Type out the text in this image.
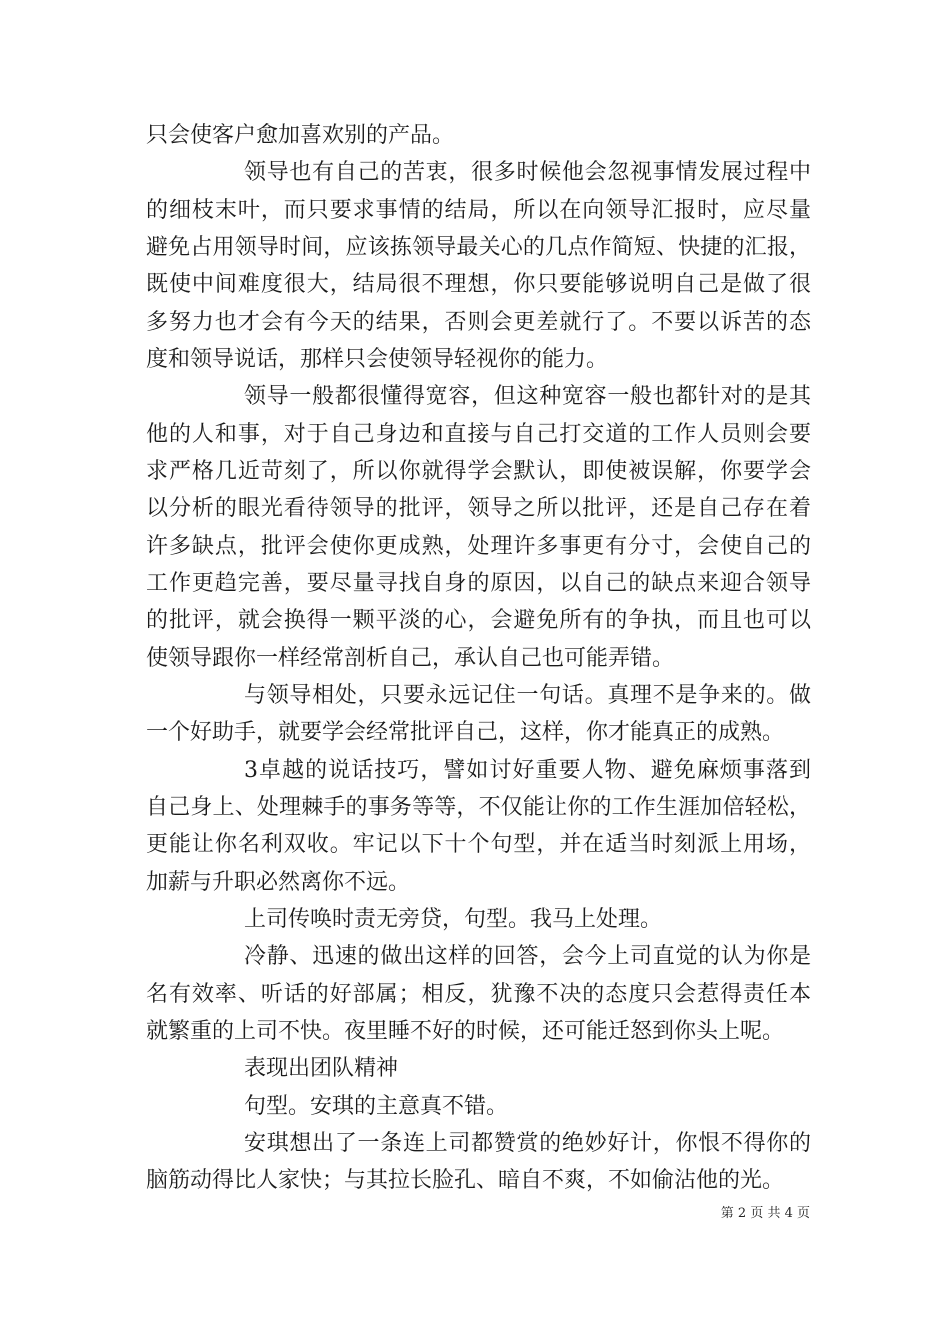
只会使客户愈加喜欢别的产品。
领导也有自己的苦衷，很多时候他会忽视事情发展过程中
的细枝末叶，而只要求事情的结局，所以在向领导汇报时，应尽量
避免占用领导时间，应该拣领导最关心的几点作简短、快捷的汇报，
既使中间难度很大，结局很不理想，你只要能够说明自己是做了很
多努力也才会有今天的结果，否则会更差就行了。不要以诉苦的态
度和领导说话，那样只会使领导轻视你的能力。
领导一般都很懂得宽容，但这种宽容一般也都针对的是其
他的人和事，对于自己身边和直接与自己打交道的工作人员则会要
求严格几近苛刻了，所以你就得学会默认，即使被误解，你要学会
以分析的眼光看待领导的批评，领导之所以批评，还是自己存在着
许多缺点，批评会使你更成熟，处理许多事更有分寸，会使自己的
工作更趋完善，要尽量寻找自身的原因，以自己的缺点来迎合领导
的批评，就会换得一颗平淡的心，会避免所有的争执，而且也可以
使领导跟你一样经常剖析自己，承认自己也可能弄错。
与领导相处，只要永远记住一句话。真理不是争来的。做
一个好助手，就要学会经常批评自己，这样，你才能真正的成熟。
3卓越的说话技巧，譬如讨好重要人物、避免麻烦事落到
自己身上、处理棘手的事务等等，不仅能让你的工作生涯加倍轻松，
更能让你名利双收。牢记以下十个句型，并在适当时刻派上用场，
加薪与升职必然离你不远。
上司传唤时责无旁贷，句型。我马上处理。
冷静、迅速的做出这样的回答，会今上司直觉的认为你是
名有效率、听话的好部属；相反，犹豫不决的态度只会惹得责任本
就繁重的上司不快。夜里睡不好的时候，还可能迁怒到你头上呢。
表现出团队精神
句型。安琪的主意真不错。
安琪想出了一条连上司都赞赏的绝妙好计，你恨不得你的
脑筋动得比人家快；与其拉长脸孔、暗自不爽，不如偷沾他的光。
第 2 页 共 4 页
